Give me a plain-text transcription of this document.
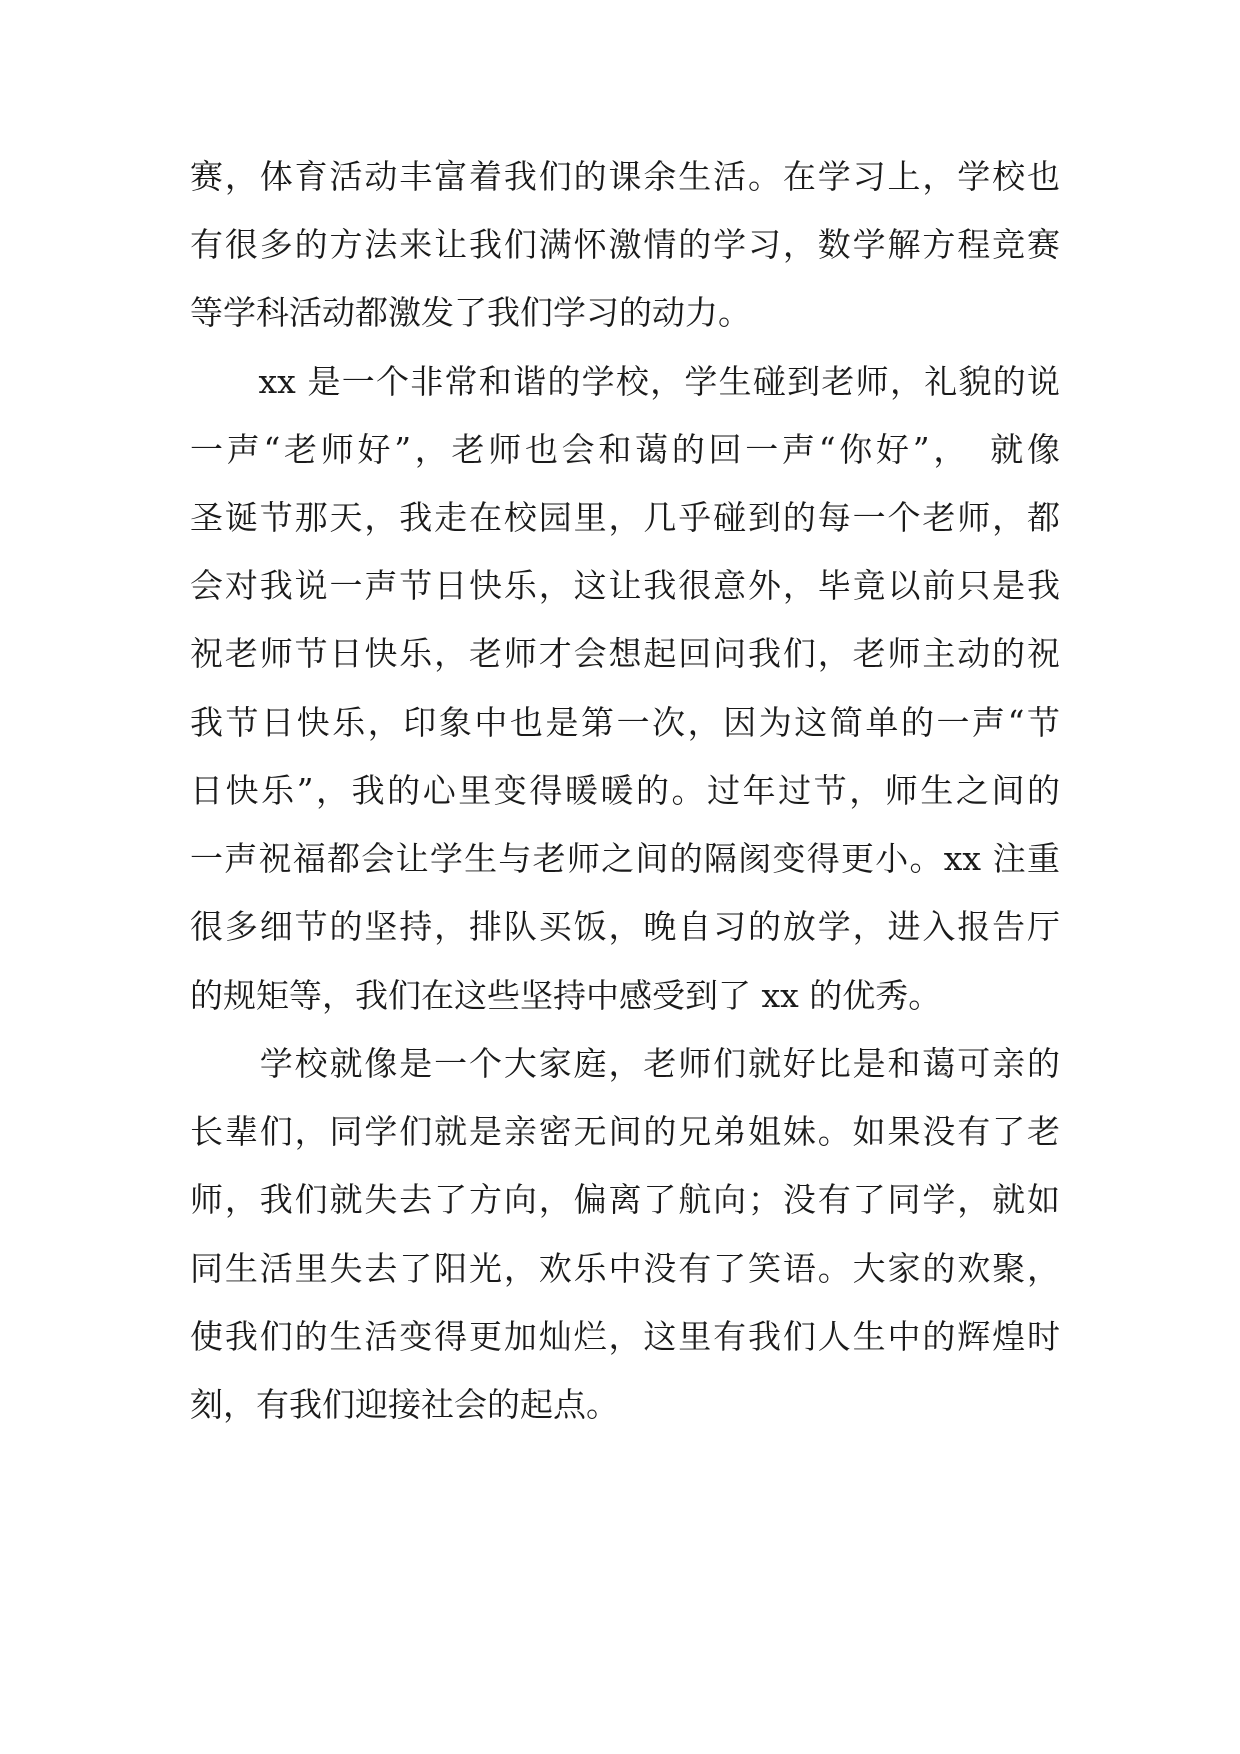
赛，体育活动丰富着我们的课余生活。在学习上，学校也
有很多的方法来让我们满怀激情的学习，数学解方程竞赛
等学科活动都激发了我们学习的动力。
　　xx 是一个非常和谐的学校，学生碰到老师，礼貌的说
一声“老师好”，老师也会和蔼的回一声“你好”，　就像
圣诞节那天，我走在校园里，几乎碰到的每一个老师，都
会对我说一声节日快乐，这让我很意外，毕竟以前只是我
祝老师节日快乐，老师才会想起回问我们，老师主动的祝
我节日快乐，印象中也是第一次，因为这简单的一声“节
日快乐”，我的心里变得暖暖的。过年过节，师生之间的
一声祝福都会让学生与老师之间的隔阂变得更小。xx 注重
很多细节的坚持，排队买饭，晚自习的放学，进入报告厅
的规矩等，我们在这些坚持中感受到了 xx 的优秀。
　　学校就像是一个大家庭，老师们就好比是和蔼可亲的
长辈们，同学们就是亲密无间的兄弟姐妹。如果没有了老
师，我们就失去了方向，偏离了航向；没有了同学，就如
同生活里失去了阳光，欢乐中没有了笑语。大家的欢聚，
使我们的生活变得更加灿烂，这里有我们人生中的辉煌时
刻，有我们迎接社会的起点。
